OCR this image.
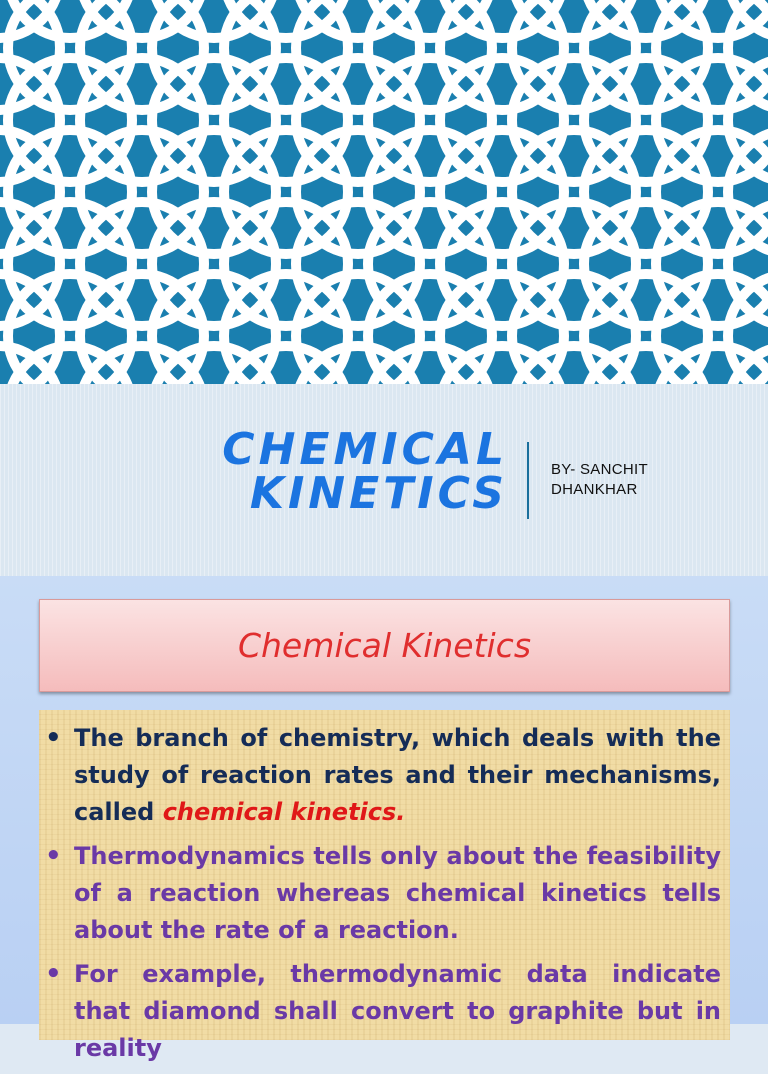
CHEMICAL
KINETICS	BY- SANCHIT
DHANKHAR
Chemical Kinetics
• The branch of chemistry, which deals with the study of reaction rates and their mechanisms, called chemical kinetics.
• Thermodynamics tells only about the feasibility of a reaction whereas chemical kinetics tells about the rate of a reaction.
• For example, thermodynamic data indicate that diamond shall convert to graphite but in reality
